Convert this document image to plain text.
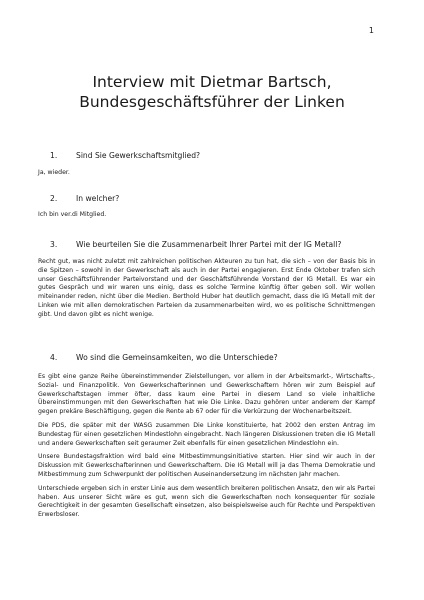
1
Interview mit Dietmar Bartsch,
Bundesgeschäftsführer der Linken
1. Sind Sie Gewerkschaftsmitglied?

Ja, wieder.

2. In welcher?

Ich bin ver.di Mitglied.

3. Wie beurteilen Sie die Zusammenarbeit Ihrer Partei mit der IG Metall?

Recht gut, was nicht zuletzt mit zahlreichen politischen Akteuren zu tun hat, die sich – von der Basis bis in die Spitzen – sowohl in der Gewerkschaft als auch in der Partei engagieren. Erst Ende Oktober trafen sich unser Geschäftsführender Parteivorstand und der Geschäftsführende Vorstand der IG Metall. Es war ein gutes Gespräch und wir waren uns einig, dass es solche Termine künftig öfter geben soll. Wir wollen miteinander reden, nicht über die Medien. Berthold Huber hat deutlich gemacht, dass die IG Metall mit der Linken wie mit allen demokratischen Parteien da zusammenarbeiten wird, wo es politische Schnittmengen gibt. Und davon gibt es nicht wenige.

4. Wo sind die Gemeinsamkeiten, wo die Unterschiede?

Es gibt eine ganze Reihe übereinstimmender Zielstellungen, vor allem in der Arbeitsmarkt-, Wirtschafts-, Sozial- und Finanzpolitik. Von Gewerkschafterinnen und Gewerkschaftern hören wir zum Beispiel auf Gewerkschaftstagen immer öfter, dass kaum eine Partei in diesem Land so viele inhaltliche Übereinstimmungen mit den Gewerkschaften hat wie Die Linke. Dazu gehören unter anderem der Kampf gegen prekäre Beschäftigung, gegen die Rente ab 67 oder für die Verkürzung der Wochenarbeitszeit.

Die PDS, die später mit der WASG zusammen Die Linke konstituierte, hat 2002 den ersten Antrag im Bundestag für einen gesetzlichen Mindestlohn eingebracht. Nach längeren Diskussionen treten die IG Metall und andere Gewerkschaften seit geraumer Zeit ebenfalls für einen gesetzlichen Mindestlohn ein.

Unsere Bundestagsfraktion wird bald eine Mitbestimmungsinitiative starten. Hier sind wir auch in der Diskussion mit Gewerkschafterinnen und Gewerkschaftern. Die IG Metall will ja das Thema Demokratie und Mitbestimmung zum Schwerpunkt der politischen Auseinandersetzung im nächsten Jahr machen.

Unterschiede ergeben sich in erster Linie aus dem wesentlich breiteren politischen Ansatz, den wir als Partei haben. Aus unserer Sicht wäre es gut, wenn sich die Gewerkschaften noch konsequenter für soziale Gerechtigkeit in der gesamten Gesellschaft einsetzen, also beispielsweise auch für Rechte und Perspektiven Erwerbsloser.
